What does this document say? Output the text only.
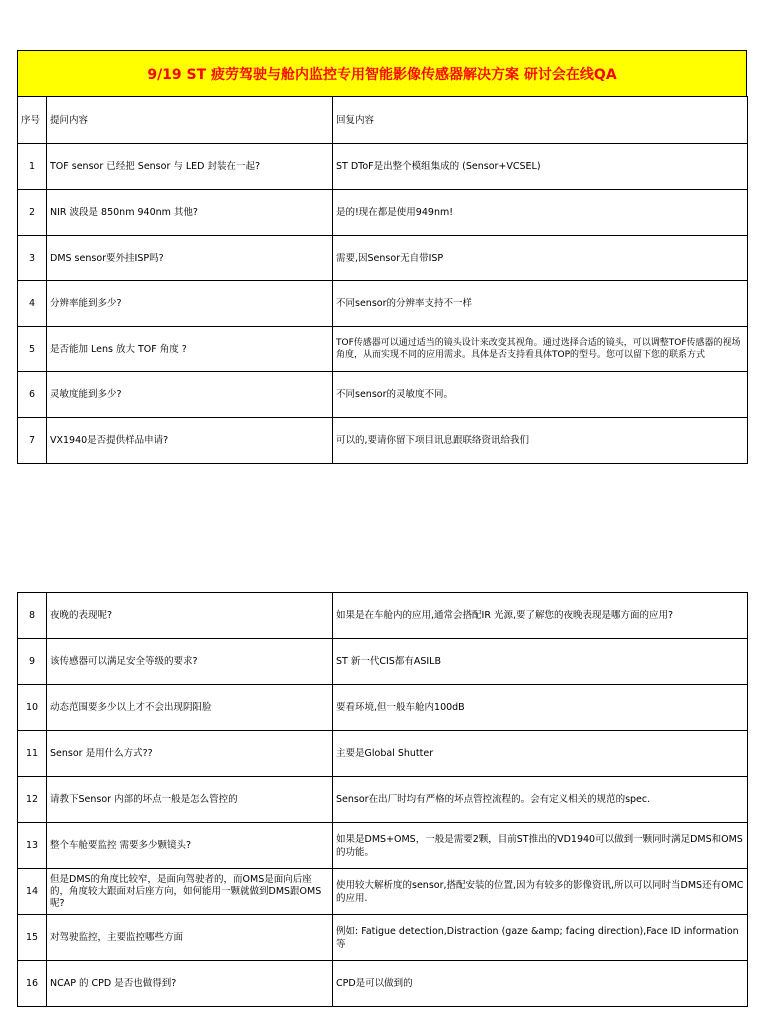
9/19 ST 疲劳驾驶与舱内监控专用智能影像传感器解决方案 研讨会在线QA
序号	提问内容	回复内容
1	TOF sensor 已经把 Sensor 与 LED 封装在一起?	ST DToF是出整个模组集成的 (Sensor+VCSEL)
2	NIR 波段是 850nm 940nm 其他?	是的!现在都是使用949nm!
3	DMS sensor要外挂ISP吗?	需要,因Sensor无自带ISP
4	分辨率能到多少?	不同sensor的分辨率支持不一样
5	是否能加 Lens 放大 TOF 角度 ?	TOF传感器可以通过适当的镜头设计来改变其视角。通过选择合适的镜头，可以调整TOF传感器的视场角度，从而实现不同的应用需求。具体是否支持看具体TOP的型号。您可以留下您的联系方式
6	灵敏度能到多少?	不同sensor的灵敏度不同。
7	VX1940是否提供样品申请?	可以的,要请你留下项目讯息跟联络资讯给我们
8	夜晚的表现呢?	如果是在车舱内的应用,通常会搭配IR 光源,要了解您的夜晚表现是哪方面的应用?
9	该传感器可以满足安全等级的要求?	ST 新一代CIS都有ASILB
10	动态范围要多少以上才不会出现阴阳脸	要看环境,但一般车舱内100dB
11	Sensor 是用什么方式??	主要是Global Shutter
12	请教下Sensor 内部的坏点一般是怎么管控的	Sensor在出厂时均有严格的坏点管控流程的。会有定义相关的规范的spec.
13	整个车舱要监控 需要多少颗镜头?	如果是DMS+OMS，一般是需要2颗，目前ST推出的VD1940可以做到一颗同时满足DMS和OMS的功能。
14	但是DMS的角度比较窄，是面向驾驶者的，而OMS是面向后座的，角度较大跟面对后座方向，如何能用一颗就做到DMS跟OMS呢?	使用较大解析度的sensor,搭配安装的位置,因为有较多的影像资讯,所以可以同时当DMS还有OMC的应用.
15	对驾驶监控，主要监控哪些方面	例如: Fatigue detection,Distraction (gaze &amp; facing direction),Face ID information等
16	NCAP 的 CPD 是否也做得到?	CPD是可以做到的
